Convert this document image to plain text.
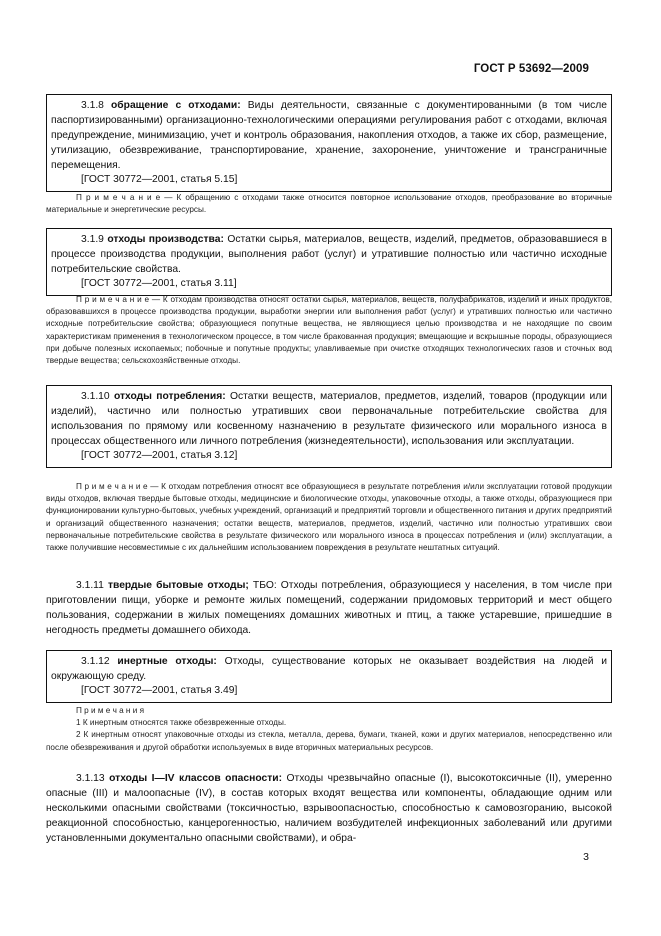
ГОСТ Р 53692—2009
3.1.8 обращение с отходами: Виды деятельности, связанные с документированными (в том числе паспортизированными) организационно-технологическими операциями регулирования работ с отходами, включая предупреждение, минимизацию, учет и контроль образования, накопления отходов, а также их сбор, размещение, утилизацию, обезвреживание, транспортирование, хранение, захоронение, уничтожение и трансграничные перемещения.
[ГОСТ 30772—2001, статья 5.15]
П р и м е ч а н и е — К обращению с отходами также относится повторное использование отходов, преобразование во вторичные материальные и энергетические ресурсы.
3.1.9 отходы производства: Остатки сырья, материалов, веществ, изделий, предметов, образовавшиеся в процессе производства продукции, выполнения работ (услуг) и утратившие полностью или частично исходные потребительские свойства.
[ГОСТ 30772—2001, статья 3.11]
П р и м е ч а н и е — К отходам производства относят остатки сырья, материалов, веществ, полуфабрикатов, изделий и иных продуктов, образовавшихся в процессе производства продукции, выработки энергии или выполнения работ (услуг) и утративших полностью или частично исходные потребительские свойства; образующиеся попутные вещества, не являющиеся целью производства и не находящие по своим характеристикам применения в технологическом процессе, в том числе бракованная продукция; вмещающие и вскрышные породы, образующиеся при добыче полезных ископаемых; побочные и попутные продукты; улавливаемые при очистке отходящих технологических газов и сточных вод твердые вещества; сельскохозяйственные отходы.
3.1.10 отходы потребления: Остатки веществ, материалов, предметов, изделий, товаров (продукции или изделий), частично или полностью утративших свои первоначальные потребительские свойства для использования по прямому или косвенному назначению в результате физического или морального износа в процессах общественного или личного потребления (жизнедеятельности), использования или эксплуатации.
[ГОСТ 30772—2001, статья 3.12]
П р и м е ч а н и е — К отходам потребления относят все образующиеся в результате потребления и/или эксплуатации готовой продукции виды отходов, включая твердые бытовые отходы, медицинские и биологические отходы, упаковочные отходы, а также отходы, образующиеся при функционировании культурно-бытовых, учебных учреждений, организаций и предприятий торговли и общественного питания и других предприятий и организаций общественного назначения; остатки веществ, материалов, предметов, изделий, частично или полностью утративших свои первоначальные потребительские свойства в результате физического или морального износа в процессах потребления и (или) эксплуатации, а также получившие несовместимые с их дальнейшим использованием повреждения в результате нештатных ситуаций.
3.1.11 твердые бытовые отходы; ТБО: Отходы потребления, образующиеся у населения, в том числе при приготовлении пищи, уборке и ремонте жилых помещений, содержании придомовых территорий и мест общего пользования, содержании в жилых помещениях домашних животных и птиц, а также устаревшие, пришедшие в негодность предметы домашнего обихода.
3.1.12 инертные отходы: Отходы, существование которых не оказывает воздействия на людей и окружающую среду.
[ГОСТ 30772—2001, статья 3.49]
П р и м е ч а н и я
1 К инертным относятся также обезвреженные отходы.
2 К инертным относят упаковочные отходы из стекла, металла, дерева, бумаги, тканей, кожи и других материалов, непосредственно или после обезвреживания и другой обработки используемых в виде вторичных материальных ресурсов.
3.1.13 отходы I—IV классов опасности: Отходы чрезвычайно опасные (I), высокотоксичные (II), умеренно опасные (III) и малоопасные (IV), в состав которых входят вещества или компоненты, обладающие одним или несколькими опасными свойствами (токсичностью, взрывоопасностью, способностью к самовозгоранию, высокой реакционной способностью, канцерогенностью, наличием возбудителей инфекционных заболеваний или другими установленными документально опасными свойствами), и обра-
3
